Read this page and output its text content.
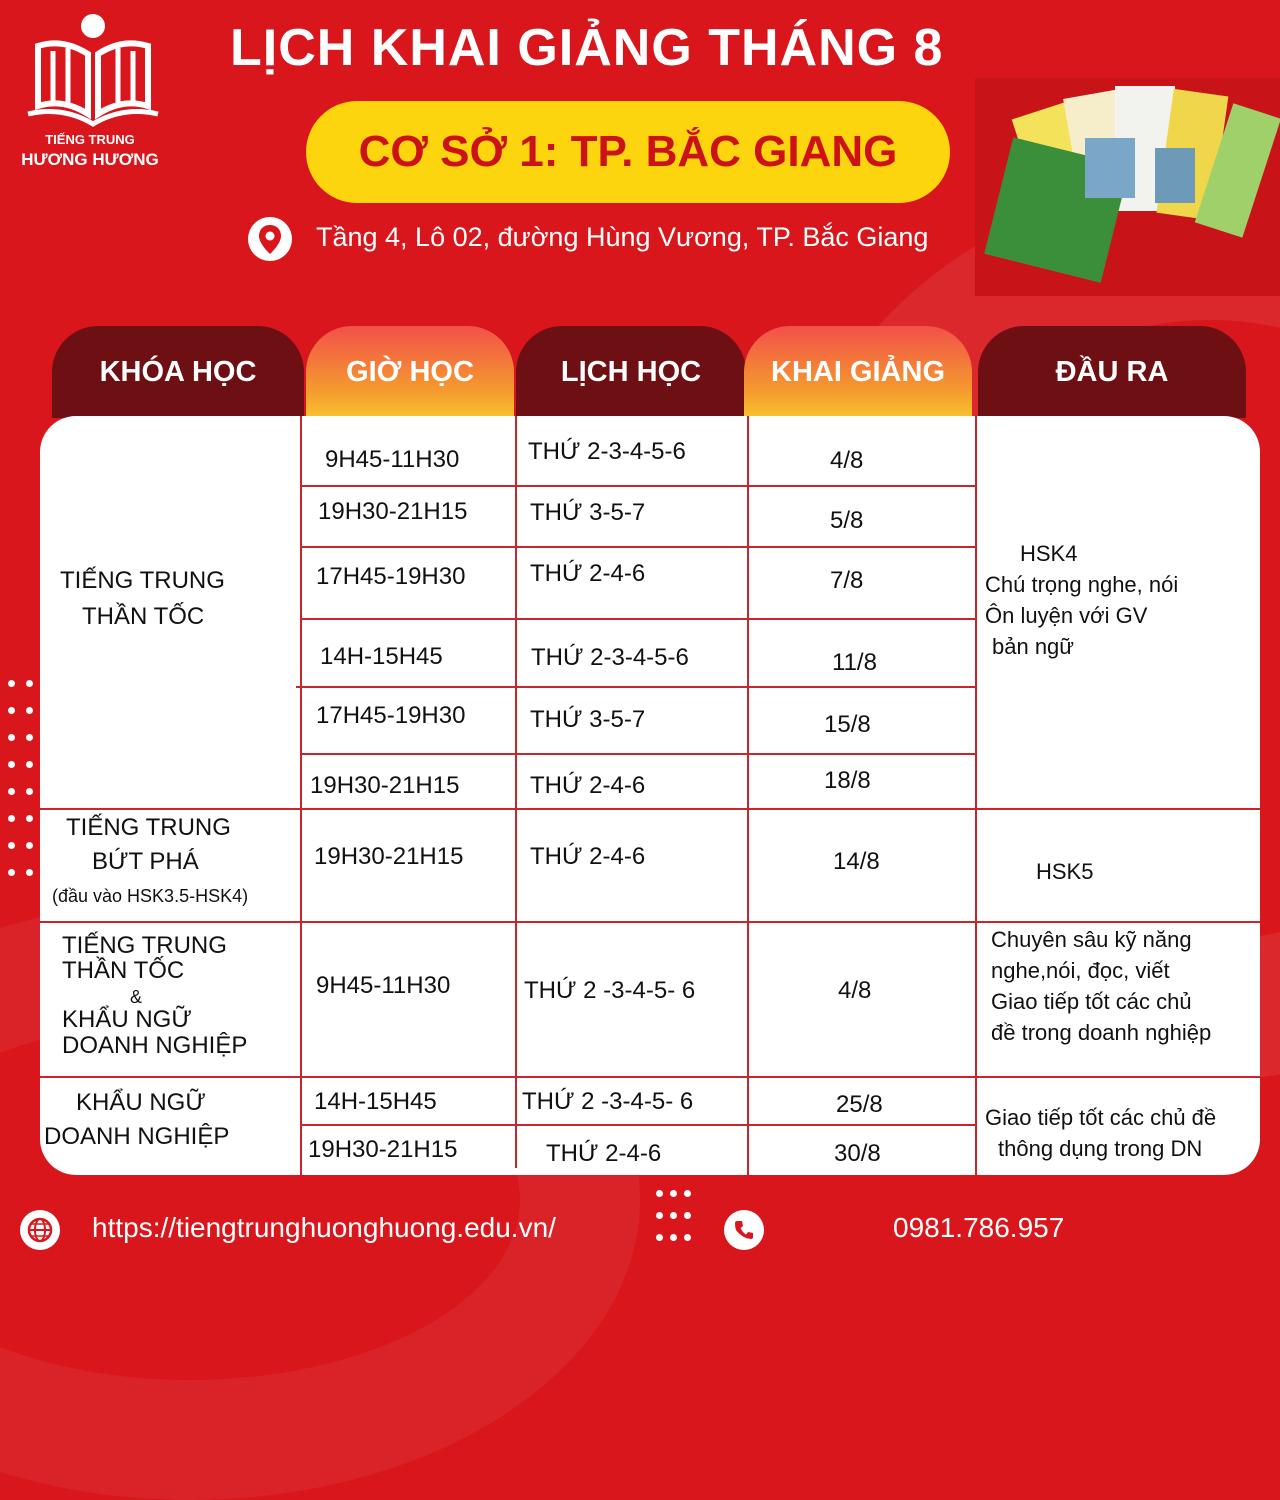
TIẾNG TRUNG
HƯƠNG HƯƠNG
LỊCH KHAI GIẢNG THÁNG 8
CƠ SỞ 1: TP. BẮC GIANG
Tầng 4, Lô 02, đường Hùng Vương, TP. Bắc Giang
KHÓA HỌC	GIỜ HỌC	LỊCH HỌC	KHAI GIẢNG	ĐẦU RA
TIẾNG TRUNG
THẦN TỐC
9H45-11H30	THỨ 2-3-4-5-6	4/8
19H30-21H15	THỨ 3-5-7	5/8
17H45-19H30	THỨ 2-4-6	7/8
14H-15H45	THỨ 2-3-4-5-6	11/8
17H45-19H30	THỨ 3-5-7	15/8
19H30-21H15	THỨ 2-4-6	18/8
HSK4
Chú trọng nghe, nói
Ôn luyện với GV
bản ngữ
TIẾNG TRUNG
BỨT PHÁ
(đầu vào HSK3.5-HSK4)
19H30-21H15	THỨ 2-4-6	14/8	HSK5
TIẾNG TRUNG
THẦN TỐC
&
KHẨU NGỮ
DOANH NGHIỆP
9H45-11H30	THỨ 2 -3-4-5- 6	4/8
Chuyên sâu kỹ năng
nghe,nói, đọc, viết
Giao tiếp tốt các chủ
đề trong doanh nghiệp
KHẨU NGỮ
DOANH NGHIỆP
14H-15H45	THỨ 2 -3-4-5- 6	25/8
19H30-21H15	THỨ 2-4-6	30/8
Giao tiếp tốt các chủ đề
thông dụng trong DN
https://tiengtrunghuonghuong.edu.vn/	0981.786.957
